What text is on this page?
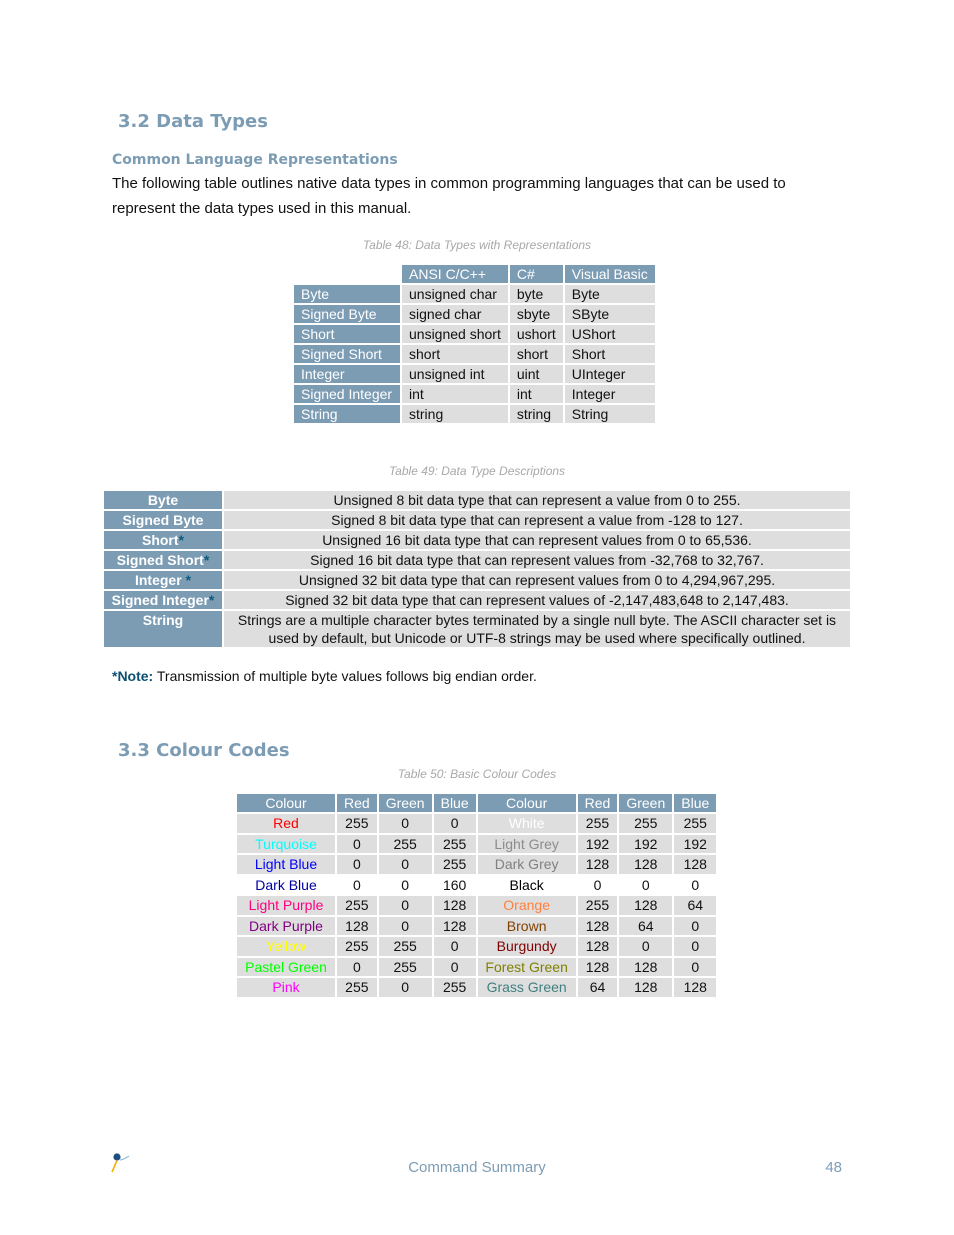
3.2 Data Types
Common Language Representations
The following table outlines native data types in common programming languages that can be used to represent the data types used in this manual.
Table 48: Data Types with Representations
	ANSI C/C++	C#	Visual Basic
Byte	unsigned char	byte	Byte
Signed Byte	signed char	sbyte	SByte
Short	unsigned short	ushort	UShort
Signed Short	short	short	Short
Integer	unsigned int	uint	UInteger
Signed Integer	int	int	Integer
String	string	string	String
Table 49: Data Type Descriptions
Byte	Unsigned 8 bit data type that can represent a value from 0 to 255.
Signed Byte	Signed 8 bit data type that can represent a value from -128 to 127.
Short*	Unsigned 16 bit data type that can represent values from 0 to 65,536.
Signed Short*	Signed 16 bit data type that can represent values from -32,768 to 32,767.
Integer *	Unsigned 32 bit data type that can represent values from 0 to 4,294,967,295.
Signed Integer*	Signed 32 bit data type that can represent values of -2,147,483,648 to 2,147,483.
String	Strings are a multiple character bytes terminated by a single null byte. The ASCII character set is used by default, but Unicode or UTF-8 strings may be used where specifically outlined.
*Note: Transmission of multiple byte values follows big endian order.
3.3 Colour Codes
Table 50: Basic Colour Codes
Colour	Red	Green	Blue	Colour	Red	Green	Blue
Red	255	0	0	White	255	255	255
Turquoise	0	255	255	Light Grey	192	192	192
Light Blue	0	0	255	Dark Grey	128	128	128
Dark Blue	0	0	160	Black	0	0	0
Light Purple	255	0	128	Orange	255	128	64
Dark Purple	128	0	128	Brown	128	64	0
Yellow	255	255	0	Burgundy	128	0	0
Pastel Green	0	255	0	Forest Green	128	128	0
Pink	255	0	255	Grass Green	64	128	128
Command Summary	48
